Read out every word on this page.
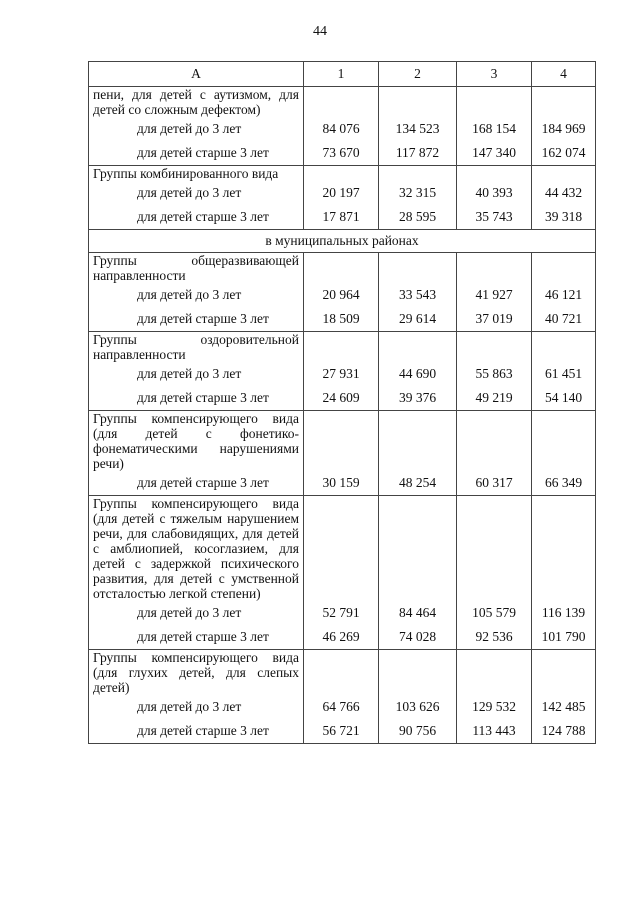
44
А	1	2	3	4
пени, для детей с аутизмом, для детей со сложным дефектом)				
для детей до 3 лет	84 076	134 523	168 154	184 969
для детей старше 3 лет	73 670	117 872	147 340	162 074
Группы комбинированного вида				
для детей до 3 лет	20 197	32 315	40 393	44 432
для детей старше 3 лет	17 871	28 595	35 743	39 318
в муниципальных районах				
Группы общеразвивающей направленности				
для детей до 3 лет	20 964	33 543	41 927	46 121
для детей старше 3 лет	18 509	29 614	37 019	40 721
Группы оздоровительной направленности				
для детей до 3 лет	27 931	44 690	55 863	61 451
для детей старше 3 лет	24 609	39 376	49 219	54 140
Группы компенсирующего вида (для детей с фонетико-фонематическими нарушениями речи)				
для детей старше 3 лет	30 159	48 254	60 317	66 349
Группы компенсирующего вида (для детей с тяжелым нарушением речи, для слабовидящих, для детей с амблиопией, косоглазием, для детей с задержкой психического развития, для детей с умственной отсталостью легкой степени)				
для детей до 3 лет	52 791	84 464	105 579	116 139
для детей старше 3 лет	46 269	74 028	92 536	101 790
Группы компенсирующего вида (для глухих детей, для слепых детей)				
для детей до 3 лет	64 766	103 626	129 532	142 485
для детей старше 3 лет	56 721	90 756	113 443	124 788
